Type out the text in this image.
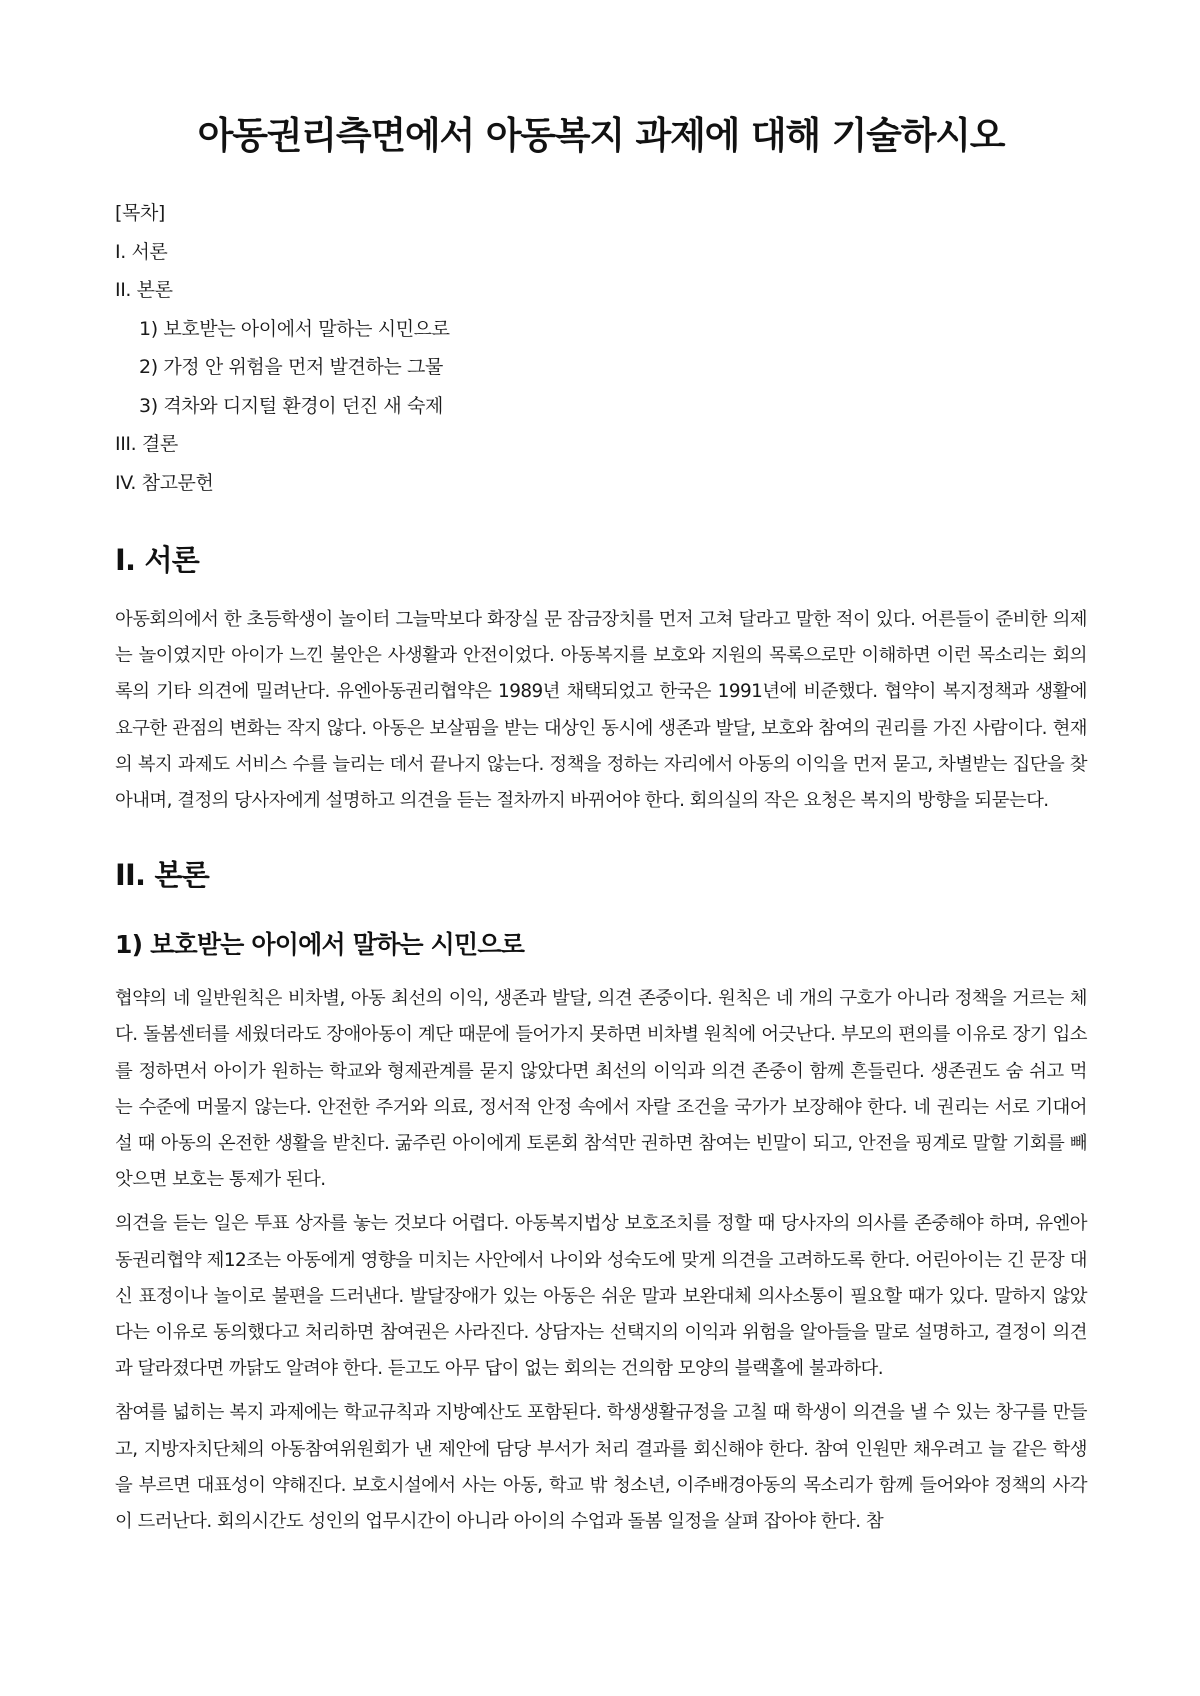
아동권리측면에서 아동복지 과제에 대해 기술하시오
[목차]
I. 서론
II. 본론
1) 보호받는 아이에서 말하는 시민으로
2) 가정 안 위험을 먼저 발견하는 그물
3) 격차와 디지털 환경이 던진 새 숙제
III. 결론
IV. 참고문헌
I. 서론

아동회의에서 한 초등학생이 놀이터 그늘막보다 화장실 문 잠금장치를 먼저 고쳐 달라고 말한 적이 있다. 어른들이 준비한 의제는 놀이였지만 아이가 느낀 불안은 사생활과 안전이었다. 아동복지를 보호와 지원의 목록으로만 이해하면 이런 목소리는 회의록의 기타 의견에 밀려난다. 유엔아동권리협약은 1989년 채택되었고 한국은 1991년에 비준했다. 협약이 복지정책과 생활에 요구한 관점의 변화는 작지 않다. 아동은 보살핌을 받는 대상인 동시에 생존과 발달, 보호와 참여의 권리를 가진 사람이다. 현재의 복지 과제도 서비스 수를 늘리는 데서 끝나지 않는다. 정책을 정하는 자리에서 아동의 이익을 먼저 묻고, 차별받는 집단을 찾아내며, 결정의 당사자에게 설명하고 의견을 듣는 절차까지 바뀌어야 한다. 회의실의 작은 요청은 복지의 방향을 되묻는다.

II. 본론
1) 보호받는 아이에서 말하는 시민으로

협약의 네 일반원칙은 비차별, 아동 최선의 이익, 생존과 발달, 의견 존중이다. 원칙은 네 개의 구호가 아니라 정책을 거르는 체다. 돌봄센터를 세웠더라도 장애아동이 계단 때문에 들어가지 못하면 비차별 원칙에 어긋난다. 부모의 편의를 이유로 장기 입소를 정하면서 아이가 원하는 학교와 형제관계를 묻지 않았다면 최선의 이익과 의견 존중이 함께 흔들린다. 생존권도 숨 쉬고 먹는 수준에 머물지 않는다. 안전한 주거와 의료, 정서적 안정 속에서 자랄 조건을 국가가 보장해야 한다. 네 권리는 서로 기대어 설 때 아동의 온전한 생활을 받친다. 굶주린 아이에게 토론회 참석만 권하면 참여는 빈말이 되고, 안전을 핑계로 말할 기회를 빼앗으면 보호는 통제가 된다.

의견을 듣는 일은 투표 상자를 놓는 것보다 어렵다. 아동복지법상 보호조치를 정할 때 당사자의 의사를 존중해야 하며, 유엔아동권리협약 제12조는 아동에게 영향을 미치는 사안에서 나이와 성숙도에 맞게 의견을 고려하도록 한다. 어린아이는 긴 문장 대신 표정이나 놀이로 불편을 드러낸다. 발달장애가 있는 아동은 쉬운 말과 보완대체 의사소통이 필요할 때가 있다. 말하지 않았다는 이유로 동의했다고 처리하면 참여권은 사라진다. 상담자는 선택지의 이익과 위험을 알아들을 말로 설명하고, 결정이 의견과 달라졌다면 까닭도 알려야 한다. 듣고도 아무 답이 없는 회의는 건의함 모양의 블랙홀에 불과하다.

참여를 넓히는 복지 과제에는 학교규칙과 지방예산도 포함된다. 학생생활규정을 고칠 때 학생이 의견을 낼 수 있는 창구를 만들고, 지방자치단체의 아동참여위원회가 낸 제안에 담당 부서가 처리 결과를 회신해야 한다. 참여 인원만 채우려고 늘 같은 학생을 부르면 대표성이 약해진다. 보호시설에서 사는 아동, 학교 밖 청소년, 이주배경아동의 목소리가 함께 들어와야 정책의 사각이 드러난다. 회의시간도 성인의 업무시간이 아니라 아이의 수업과 돌봄 일정을 살펴 잡아야 한다. 참
